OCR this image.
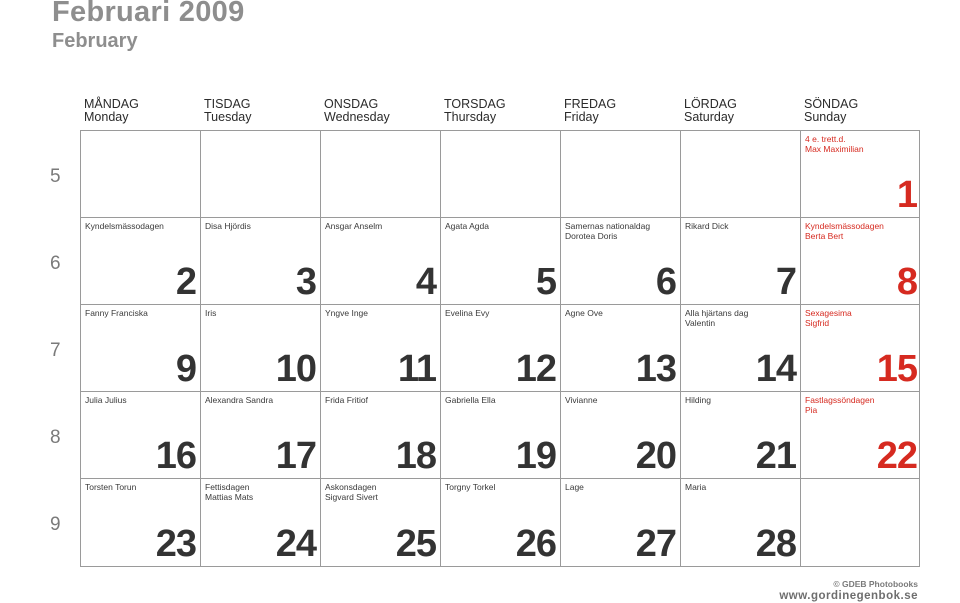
Februari 2009
February
MÅNDAG
Monday
TISDAG
Tuesday
ONSDAG
Wednesday
TORSDAG
Thursday
FREDAG
Friday
LÖRDAG
Saturday
SÖNDAG
Sunday
5
6
7
8
9
4 e. trett.d.
Max Maximilian
1
Kyndelsmässodagen
2
Disa Hjördis
3
Ansgar Anselm
4
Agata Agda
5
Samernas nationaldag
Dorotea Doris
6
Rikard Dick
7
Kyndelsmässodagen
Berta Bert
8
Fanny Franciska
9
Iris
10
Yngve Inge
11
Evelina Evy
12
Agne Ove
13
Alla hjärtans dag
Valentin
14
Sexagesima
Sigfrid
15
Julia Julius
16
Alexandra Sandra
17
Frida Fritiof
18
Gabriella Ella
19
Vivianne
20
Hilding
21
Fastlagssöndagen
Pia
22
Torsten Torun
23
Fettisdagen
Mattias Mats
24
Askonsdagen
Sigvard Sivert
25
Torgny Torkel
26
Lage
27
Maria
28
© GDEB Photobooks
www.gordinegenbok.se
